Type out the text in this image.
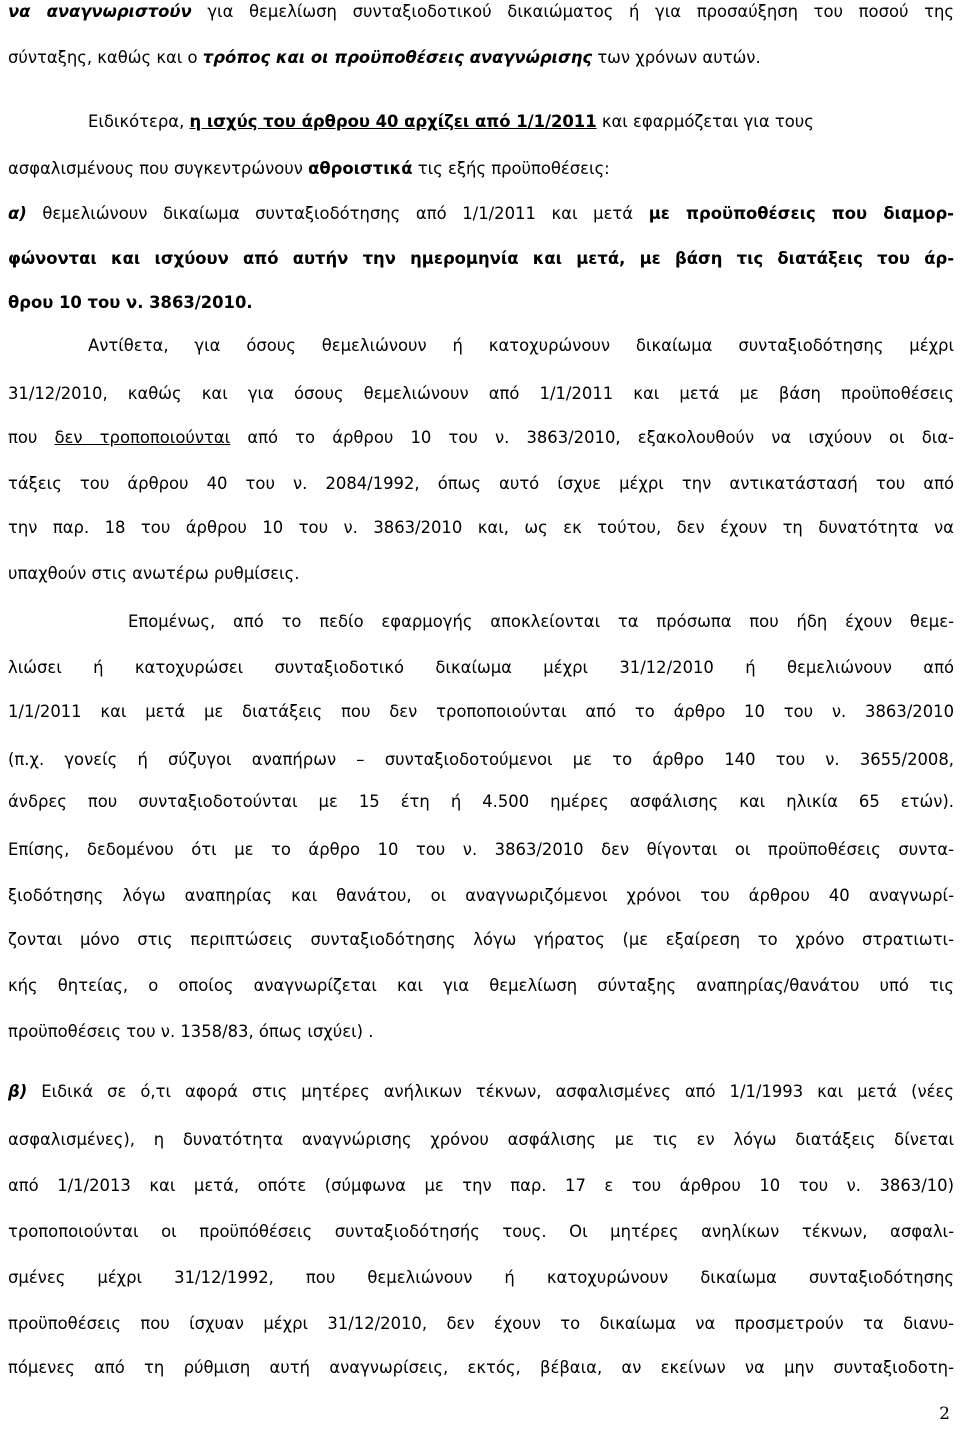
να αναγνωριστούν για θεμελίωση συνταξιοδοτικού δικαιώματος ή για προσαύξηση του ποσού της
σύνταξης, καθώς και ο τρόπος και οι προϋποθέσεις αναγνώρισης των χρόνων αυτών.
Ειδικότερα, η ισχύς του άρθρου 40 αρχίζει από 1/1/2011 και εφαρμόζεται για τους
ασφαλισμένους που συγκεντρώνουν αθροιστικά τις εξής προϋποθέσεις:
α) θεμελιώνουν δικαίωμα συνταξιοδότησης από 1/1/2011 και μετά με προϋποθέσεις που διαμορ-
φώνονται και ισχύουν από αυτήν την ημερομηνία και μετά, με βάση τις διατάξεις του άρ-
θρου 10 του ν. 3863/2010.
Αντίθετα, για όσους θεμελιώνουν ή κατοχυρώνουν δικαίωμα συνταξιοδότησης μέχρι
31/12/2010, καθώς και για όσους θεμελιώνουν από 1/1/2011 και μετά με βάση προϋποθέσεις
που δεν τροποποιούνται από το άρθρου 10 του ν. 3863/2010, εξακολουθούν να ισχύουν οι δια-
τάξεις του άρθρου 40 του ν. 2084/1992, όπως αυτό ίσχυε μέχρι την αντικατάστασή του από
την παρ. 18 του άρθρου 10 του ν. 3863/2010 και, ως εκ τούτου, δεν έχουν τη δυνατότητα να
υπαχθούν στις ανωτέρω ρυθμίσεις.
Επομένως, από το πεδίο εφαρμογής αποκλείονται τα πρόσωπα που ήδη έχουν θεμε-
λιώσει ή κατοχυρώσει συνταξιοδοτικό δικαίωμα μέχρι 31/12/2010 ή θεμελιώνουν από
1/1/2011 και μετά με διατάξεις που δεν τροποποιούνται από το άρθρο 10 του ν. 3863/2010
(π.χ. γονείς ή σύζυγοι αναπήρων – συνταξιοδοτούμενοι με το άρθρο 140 του ν. 3655/2008,
άνδρες που συνταξιοδοτούνται με 15 έτη ή 4.500 ημέρες ασφάλισης και ηλικία 65 ετών).
Επίσης, δεδομένου ότι με το άρθρο 10 του ν. 3863/2010 δεν θίγονται οι προϋποθέσεις συντα-
ξιοδότησης λόγω αναπηρίας και θανάτου, οι αναγνωριζόμενοι χρόνοι του άρθρου 40 αναγνωρί-
ζονται μόνο στις περιπτώσεις συνταξιοδότησης λόγω γήρατος (με εξαίρεση το χρόνο στρατιωτι-
κής θητείας, ο οποίος αναγνωρίζεται και για θεμελίωση σύνταξης αναπηρίας/θανάτου υπό τις
προϋποθέσεις του ν. 1358/83, όπως ισχύει) .
β) Ειδικά σε ό,τι αφορά στις μητέρες ανήλικων τέκνων, ασφαλισμένες από 1/1/1993 και μετά (νέες
ασφαλισμένες), η δυνατότητα αναγνώρισης χρόνου ασφάλισης με τις εν λόγω διατάξεις δίνεται
από 1/1/2013 και μετά, οπότε (σύμφωνα με την παρ. 17 ε του άρθρου 10 του ν. 3863/10)
τροποποιούνται οι προϋπόθέσεις συνταξιοδότησής τους. Οι μητέρες ανηλίκων τέκνων, ασφαλι-
σμένες μέχρι 31/12/1992, που θεμελιώνουν ή κατοχυρώνουν δικαίωμα συνταξιοδότησης
προϋποθέσεις που ίσχυαν μέχρι 31/12/2010, δεν έχουν το δικαίωμα να προσμετρούν τα διανυ-
πόμενες από τη ρύθμιση αυτή αναγνωρίσεις, εκτός, βέβαια, αν εκείνων να μην συνταξιοδοτη-
2
